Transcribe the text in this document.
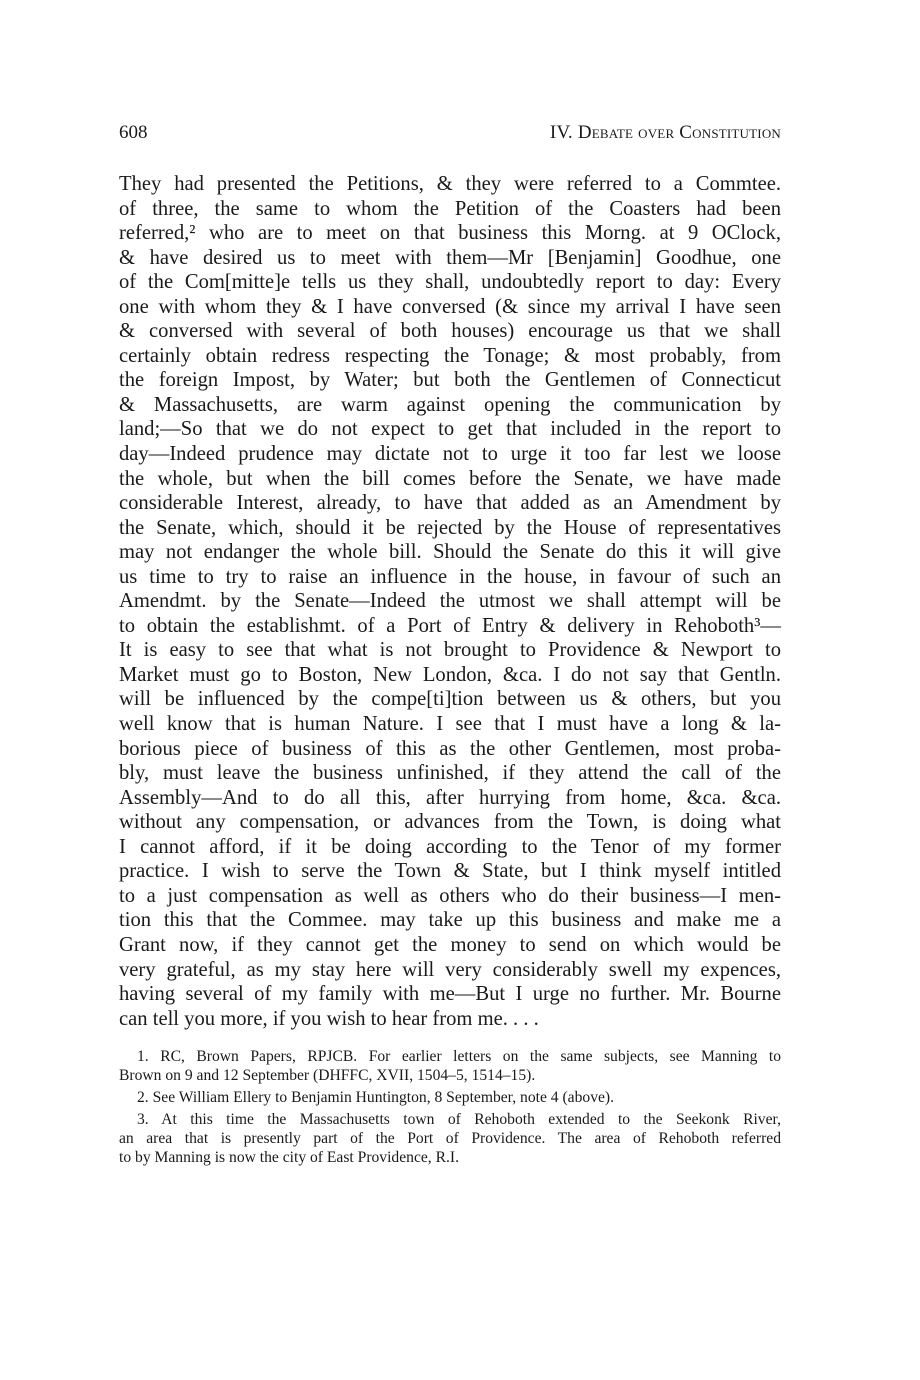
608	IV. Debate over Constitution
They had presented the Petitions, & they were referred to a Commtee.
of three, the same to whom the Petition of the Coasters had been
referred,² who are to meet on that business this Morng. at 9 OClock,
& have desired us to meet with them—Mr [Benjamin] Goodhue, one
of the Com[mitte]e tells us they shall, undoubtedly report to day: Every
one with whom they & I have conversed (& since my arrival I have seen
& conversed with several of both houses) encourage us that we shall
certainly obtain redress respecting the Tonage; & most probably, from
the foreign Impost, by Water; but both the Gentlemen of Connecticut
& Massachusetts, are warm against opening the communication by
land;—So that we do not expect to get that included in the report to
day—Indeed prudence may dictate not to urge it too far lest we loose
the whole, but when the bill comes before the Senate, we have made
considerable Interest, already, to have that added as an Amendment by
the Senate, which, should it be rejected by the House of representatives
may not endanger the whole bill. Should the Senate do this it will give
us time to try to raise an influence in the house, in favour of such an
Amendmt. by the Senate—Indeed the utmost we shall attempt will be
to obtain the establishmt. of a Port of Entry & delivery in Rehoboth³—
It is easy to see that what is not brought to Providence & Newport to
Market must go to Boston, New London, &ca. I do not say that Gentln.
will be influenced by the compe[ti]tion between us & others, but you
well know that is human Nature. I see that I must have a long & la-
borious piece of business of this as the other Gentlemen, most proba-
bly, must leave the business unfinished, if they attend the call of the
Assembly—And to do all this, after hurrying from home, &ca. &ca.
without any compensation, or advances from the Town, is doing what
I cannot afford, if it be doing according to the Tenor of my former
practice. I wish to serve the Town & State, but I think myself intitled
to a just compensation as well as others who do their business—I men-
tion this that the Commee. may take up this business and make me a
Grant now, if they cannot get the money to send on which would be
very grateful, as my stay here will very considerably swell my expences,
having several of my family with me—But I urge no further. Mr. Bourne
can tell you more, if you wish to hear from me. . . .
1. RC, Brown Papers, RPJCB. For earlier letters on the same subjects, see Manning to
Brown on 9 and 12 September (DHFFC, XVII, 1504–5, 1514–15).
2. See William Ellery to Benjamin Huntington, 8 September, note 4 (above).
3. At this time the Massachusetts town of Rehoboth extended to the Seekonk River,
an area that is presently part of the Port of Providence. The area of Rehoboth referred
to by Manning is now the city of East Providence, R.I.
